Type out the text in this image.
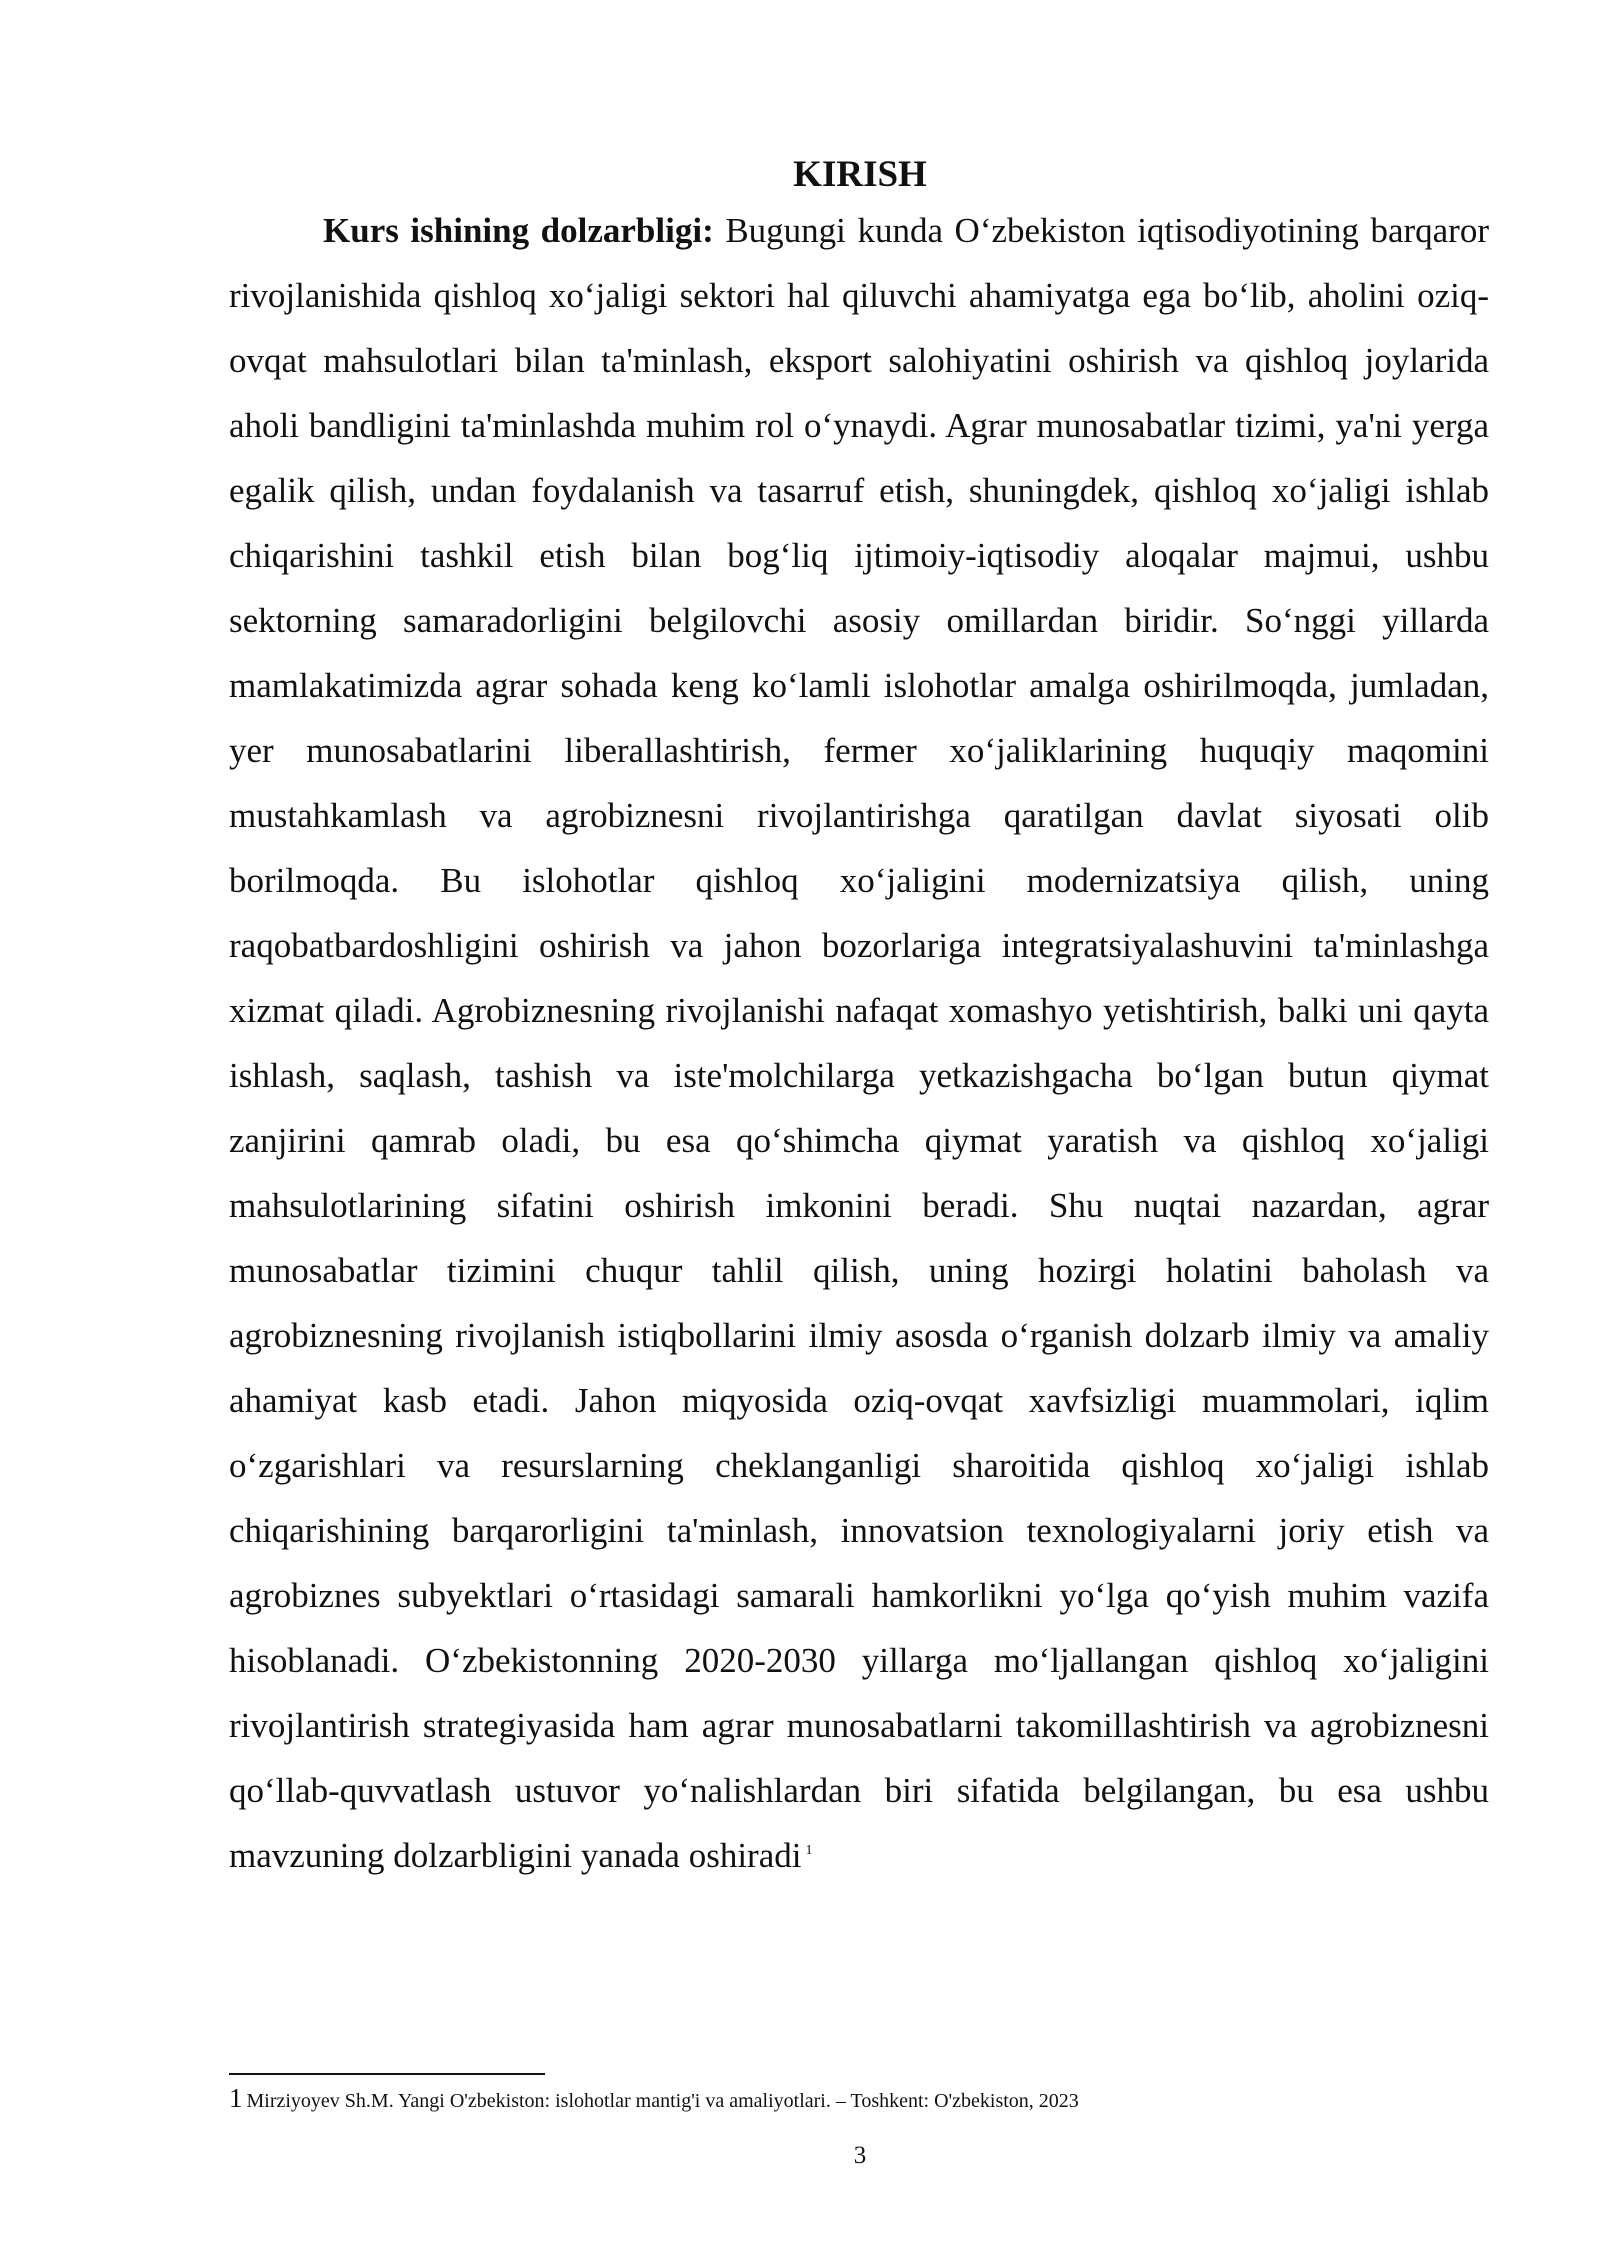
KIRISH

Kurs ishining dolzarbligi: Bugungi kunda O‘zbekiston iqtisodiyotining barqaror rivojlanishida qishloq xo‘jaligi sektori hal qiluvchi ahamiyatga ega bo‘lib, aholini oziq-ovqat mahsulotlari bilan ta'minlash, eksport salohiyatini oshirish va qishloq joylarida aholi bandligini ta'minlashda muhim rol o‘ynaydi. Agrar munosabatlar tizimi, ya'ni yerga egalik qilish, undan foydalanish va tasarruf etish, shuningdek, qishloq xo‘jaligi ishlab chiqarishini tashkil etish bilan bog‘liq ijtimoiy-iqtisodiy aloqalar majmui, ushbu sektorning samaradorligini belgilovchi asosiy omillardan biridir. So‘nggi yillarda mamlakatimizda agrar sohada keng ko‘lamli islohotlar amalga oshirilmoqda, jumladan, yer munosabatlarini liberallashtirish, fermer xo‘jaliklarining huquqiy maqomini mustahkamlash va agrobiznesni rivojlantirishga qaratilgan davlat siyosati olib borilmoqda. Bu islohotlar qishloq xo‘jaligini modernizatsiya qilish, uning raqobatbardoshligini oshirish va jahon bozorlariga integratsiyalashuvini ta'minlashga xizmat qiladi. Agrobiznesning rivojlanishi nafaqat xomashyo yetishtirish, balki uni qayta ishlash, saqlash, tashish va iste'molchilarga yetkazishgacha bo‘lgan butun qiymat zanjirini qamrab oladi, bu esa qo‘shimcha qiymat yaratish va qishloq xo‘jaligi mahsulotlarining sifatini oshirish imkonini beradi. Shu nuqtai nazardan, agrar munosabatlar tizimini chuqur tahlil qilish, uning hozirgi holatini baholash va agrobiznesning rivojlanish istiqbollarini ilmiy asosda o‘rganish dolzarb ilmiy va amaliy ahamiyat kasb etadi. Jahon miqyosida oziq-ovqat xavfsizligi muammolari, iqlim o‘zgarishlari va resurslarning cheklanganligi sharoitida qishloq xo‘jaligi ishlab chiqarishining barqarorligini ta'minlash, innovatsion texnologiyalarni joriy etish va agrobiznes subyektlari o‘rtasidagi samarali hamkorlikni yo‘lga qo‘yish muhim vazifa hisoblanadi. O‘zbekistonning 2020-2030 yillarga mo‘ljallangan qishloq xo‘jaligini rivojlantirish strategiyasida ham agrar munosabatlarni takomillashtirish va agrobiznesni qo‘llab-quvvatlash ustuvor yo‘nalishlardan biri sifatida belgilangan, bu esa ushbu mavzuning dolzarbligini yanada oshiradi $^1$

1 Mirziyoyev Sh.M. Yangi O'zbekiston: islohotlar mantig'i va amaliyotlari. – Toshkent: O'zbekiston, 2023
3
